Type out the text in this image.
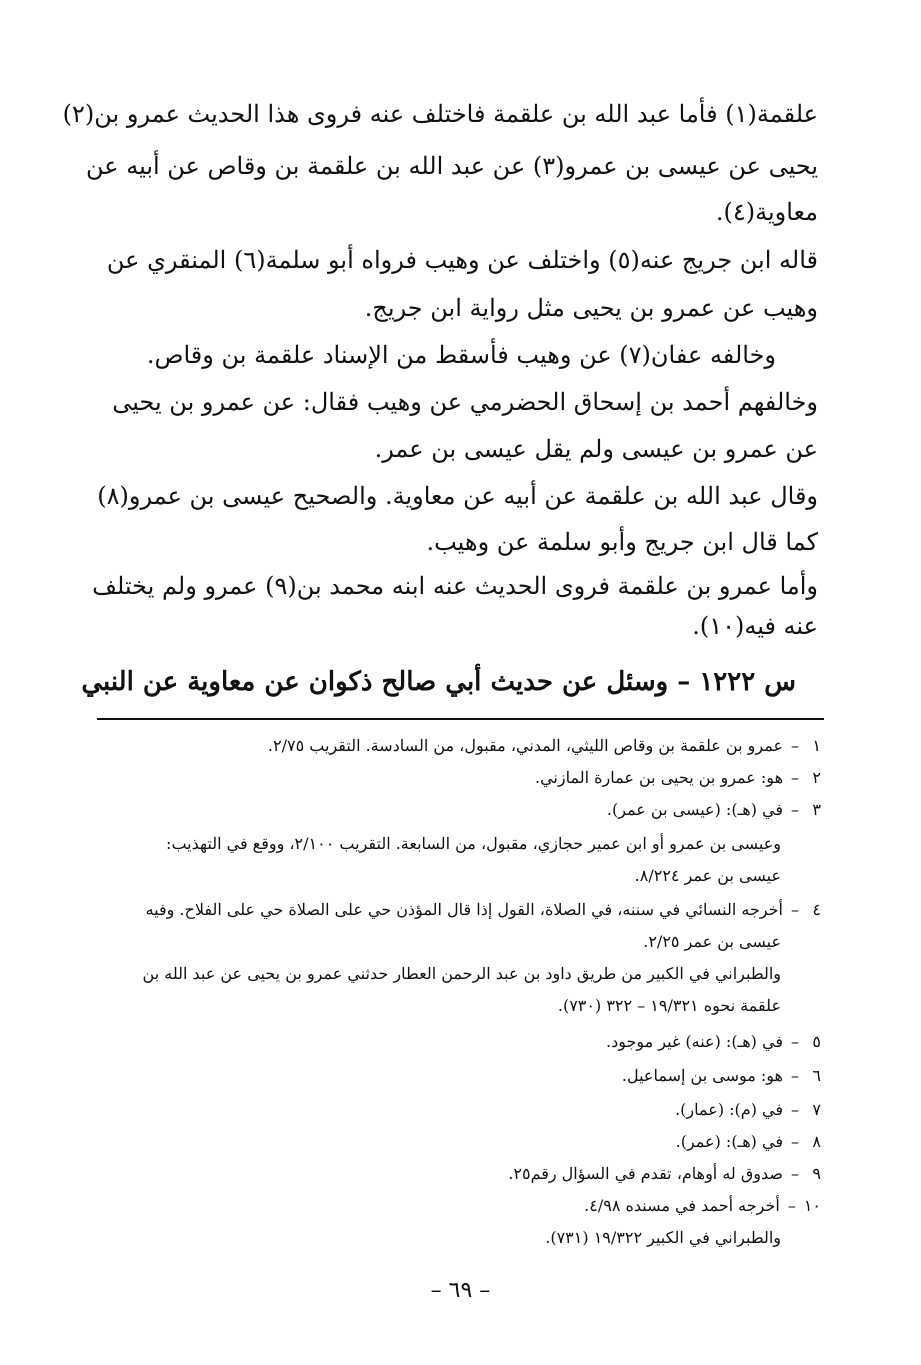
علقمة(١) فأما عبد الله بن علقمة فاختلف عنه فروى هذا الحديث عمرو بن(٢)
يحيى عن عيسى بن عمرو(٣) عن عبد الله بن علقمة بن وقاص عن أبيه عن
معاوية(٤).
قاله ابن جريج عنه(٥) واختلف عن وهيب فرواه أبو سلمة(٦) المنقري عن
وهيب عن عمرو بن يحيى مثل رواية ابن جريج.
وخالفه عفان(٧) عن وهيب فأسقط من الإسناد علقمة بن وقاص.
وخالفهم أحمد بن إسحاق الحضرمي عن وهيب فقال: عن عمرو بن يحيى
عن عمرو بن عيسى ولم يقل عيسى بن عمر.
وقال عبد الله بن علقمة عن أبيه عن معاوية. والصحيح عيسى بن عمرو(٨)
كما قال ابن جريج وأبو سلمة عن وهيب.
وأما عمرو بن علقمة فروى الحديث عنه ابنه محمد بن(٩) عمرو ولم يختلف
عنه فيه(١٠).
س ١٢٢٢ – وسئل عن حديث أبي صالح ذكوان عن معاوية عن النبي
١–عمرو بن علقمة بن وقاص الليثي، المدني، مقبول، من السادسة. التقريب ٢/٧٥.
٢–هو: عمرو بن يحيى بن عمارة المازني.
٣–في (هـ): (عيسى بن عمر).
وعيسى بن عمرو أو ابن عمير حجازي، مقبول، من السابعة. التقريب ٢/١٠٠، ووقع في التهذيب:
عيسى بن عمر ٨/٢٢٤.
٤–أخرجه النسائي في سننه، في الصلاة، القول إذا قال المؤذن حي على الصلاة حي على الفلاح. وفيه
عيسى بن عمر ٢/٢٥.
والطبراني في الكبير من طريق داود بن عبد الرحمن العطار حدثني عمرو بن يحيى عن عبد الله بن
علقمة نحوه ١٩/٣٢١ – ٣٢٢ (٧٣٠).
٥–في (هـ): (عنه) غير موجود.
٦–هو: موسى بن إسماعيل.
٧–في (م): (عمار).
٨–في (هـ): (عمر).
٩–صدوق له أوهام، تقدم في السؤال رقم٢٥.
١٠–أخرجه أحمد في مسنده ٤/٩٨.
والطبراني في الكبير ١٩/٣٢٢ (٧٣١).
– ٦٩ –
